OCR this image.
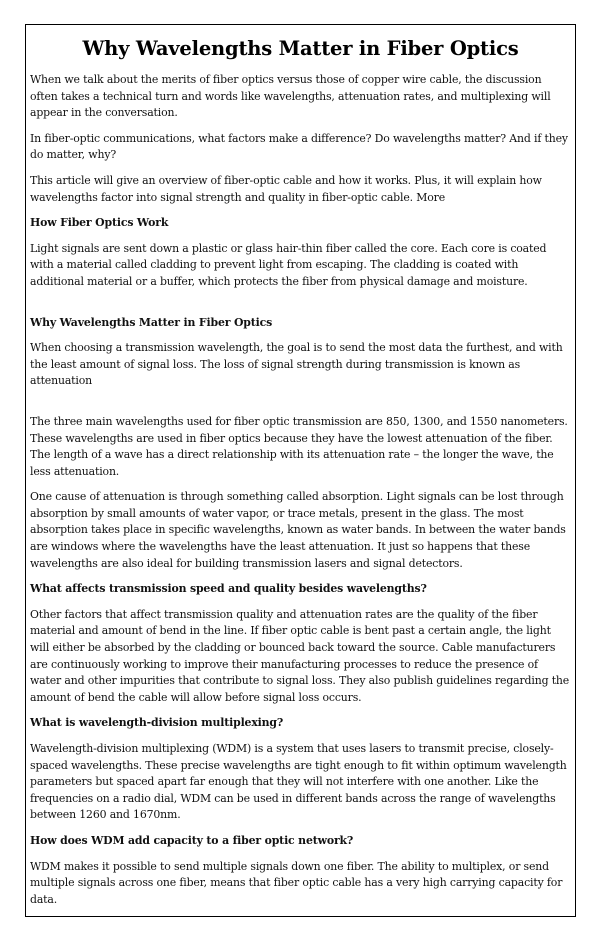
Why Wavelengths Matter in Fiber Optics

When we talk about the merits of fiber optics versus those of copper wire cable, the discussion often takes a technical turn and words like wavelengths, attenuation rates, and multiplexing will appear in the conversation.

In fiber-optic communications, what factors make a difference? Do wavelengths matter? And if they do matter, why?

This article will give an overview of fiber-optic cable and how it works. Plus, it will explain how wavelengths factor into signal strength and quality in fiber-optic cable. More

How Fiber Optics Work

Light signals are sent down a plastic or glass hair-thin fiber called the core. Each core is coated with a material called cladding to prevent light from escaping. The cladding is coated with additional material or a buffer, which protects the fiber from physical damage and moisture.

Why Wavelengths Matter in Fiber Optics

When choosing a transmission wavelength, the goal is to send the most data the furthest, and with the least amount of signal loss. The loss of signal strength during transmission is known as attenuation

The three main wavelengths used for fiber optic transmission are 850, 1300, and 1550 nanometers. These wavelengths are used in fiber optics because they have the lowest attenuation of the fiber. The length of a wave has a direct relationship with its attenuation rate – the longer the wave, the less attenuation.

One cause of attenuation is through something called absorption. Light signals can be lost through absorption by small amounts of water vapor, or trace metals, present in the glass. The most absorption takes place in specific wavelengths, known as water bands. In between the water bands are windows where the wavelengths have the least attenuation. It just so happens that these wavelengths are also ideal for building transmission lasers and signal detectors.

What affects transmission speed and quality besides wavelengths?

Other factors that affect transmission quality and attenuation rates are the quality of the fiber material and amount of bend in the line. If fiber optic cable is bent past a certain angle, the light will either be absorbed by the cladding or bounced back toward the source. Cable manufacturers are continuously working to improve their manufacturing processes to reduce the presence of water and other impurities that contribute to signal loss. They also publish guidelines regarding the amount of bend the cable will allow before signal loss occurs.

What is wavelength-division multiplexing?

Wavelength-division multiplexing (WDM) is a system that uses lasers to transmit precise, closely-spaced wavelengths. These precise wavelengths are tight enough to fit within optimum wavelength parameters but spaced apart far enough that they will not interfere with one another. Like the frequencies on a radio dial, WDM can be used in different bands across the range of wavelengths between 1260 and 1670nm.

How does WDM add capacity to a fiber optic network?

WDM makes it possible to send multiple signals down one fiber. The ability to multiplex, or send multiple signals across one fiber, means that fiber optic cable has a very high carrying capacity for data.
